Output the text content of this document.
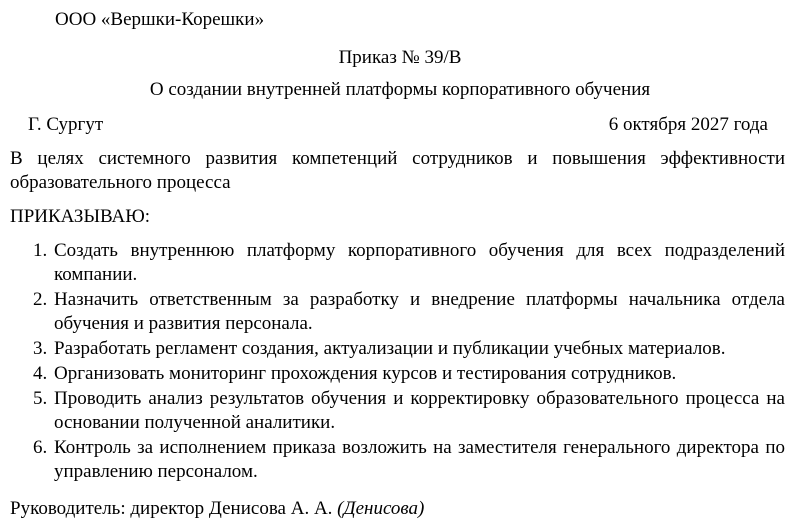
ООО «Вершки-Корешки»
Приказ № 39/В
О создании внутренней платформы корпоративного обучения
Г. Сургут	6 октября 2027 года
В целях системного развития компетенций сотрудников и повышения эффективности образовательного процесса
ПРИКАЗЫВАЮ:
1. Создать внутреннюю платформу корпоративного обучения для всех подразделений компании.
2. Назначить ответственным за разработку и внедрение платформы начальника отдела обучения и развития персонала.
3. Разработать регламент создания, актуализации и публикации учебных материалов.
4. Организовать мониторинг прохождения курсов и тестирования сотрудников.
5. Проводить анализ результатов обучения и корректировку образовательного процесса на основании полученной аналитики.
6. Контроль за исполнением приказа возложить на заместителя генерального директора по управлению персоналом.
Руководитель: директор Денисова А. А. (Денисова)
